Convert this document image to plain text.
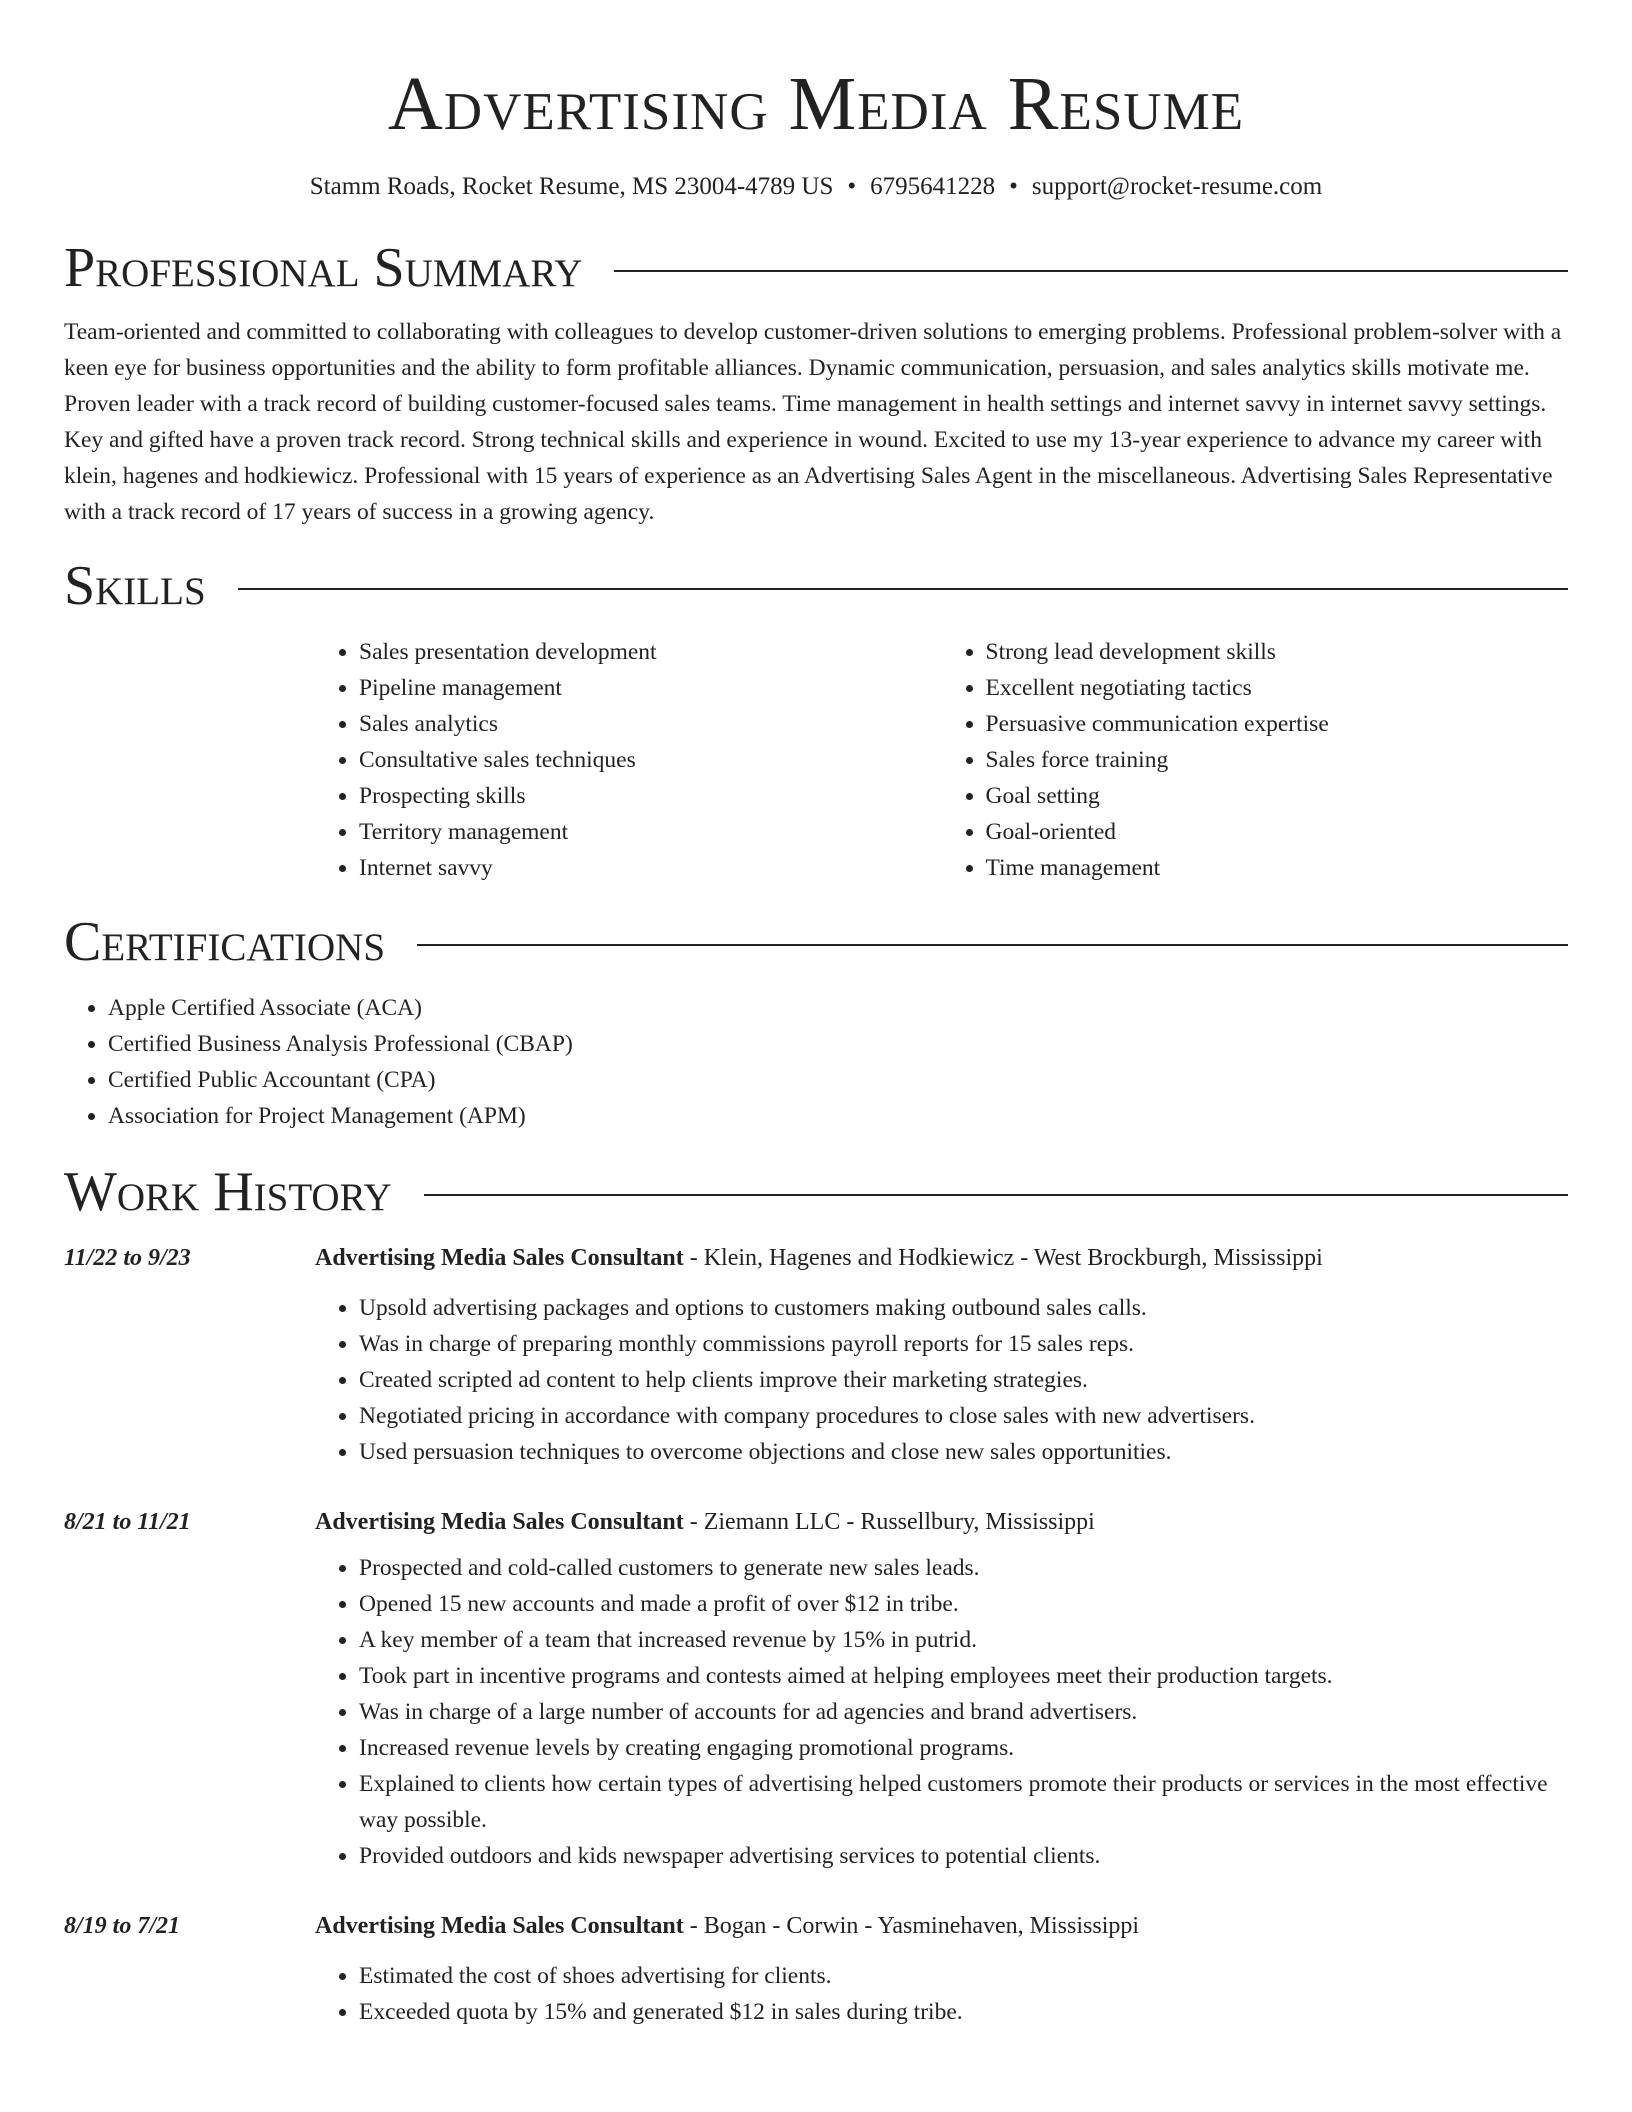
Advertising Media Resume
Stamm Roads, Rocket Resume, MS 23004-4789 US • 6795641228 • support@rocket-resume.com
Professional Summary

Team-oriented and committed to collaborating with colleagues to develop customer-driven solutions to emerging problems. Professional problem-solver with a keen eye for business opportunities and the ability to form profitable alliances. Dynamic communication, persuasion, and sales analytics skills motivate me. Proven leader with a track record of building customer-focused sales teams. Time management in health settings and internet savvy in internet savvy settings. Key and gifted have a proven track record. Strong technical skills and experience in wound. Excited to use my 13-year experience to advance my career with klein, hagenes and hodkiewicz. Professional with 15 years of experience as an Advertising Sales Agent in the miscellaneous. Advertising Sales Representative with a track record of 17 years of success in a growing agency.

Skills
• Sales presentation development
• Pipeline management
• Sales analytics
• Consultative sales techniques
• Prospecting skills
• Territory management
• Internet savvy
• Strong lead development skills
• Excellent negotiating tactics
• Persuasive communication expertise
• Sales force training
• Goal setting
• Goal-oriented
• Time management
Certifications
• Apple Certified Associate (ACA)
• Certified Business Analysis Professional (CBAP)
• Certified Public Accountant (CPA)
• Association for Project Management (APM)
Work History
11/22 to 9/23	Advertising Media Sales Consultant - Klein, Hagenes and Hodkiewicz - West Brockburgh, Mississippi
• Upsold advertising packages and options to customers making outbound sales calls.
• Was in charge of preparing monthly commissions payroll reports for 15 sales reps.
• Created scripted ad content to help clients improve their marketing strategies.
• Negotiated pricing in accordance with company procedures to close sales with new advertisers.
• Used persuasion techniques to overcome objections and close new sales opportunities.
8/21 to 11/21	Advertising Media Sales Consultant - Ziemann LLC - Russellbury, Mississippi
• Prospected and cold-called customers to generate new sales leads.
• Opened 15 new accounts and made a profit of over $12 in tribe.
• A key member of a team that increased revenue by 15% in putrid.
• Took part in incentive programs and contests aimed at helping employees meet their production targets.
• Was in charge of a large number of accounts for ad agencies and brand advertisers.
• Increased revenue levels by creating engaging promotional programs.
• Explained to clients how certain types of advertising helped customers promote their products or services in the most effective way possible.
• Provided outdoors and kids newspaper advertising services to potential clients.
8/19 to 7/21	Advertising Media Sales Consultant - Bogan - Corwin - Yasminehaven, Mississippi
• Estimated the cost of shoes advertising for clients.
• Exceeded quota by 15% and generated $12 in sales during tribe.
